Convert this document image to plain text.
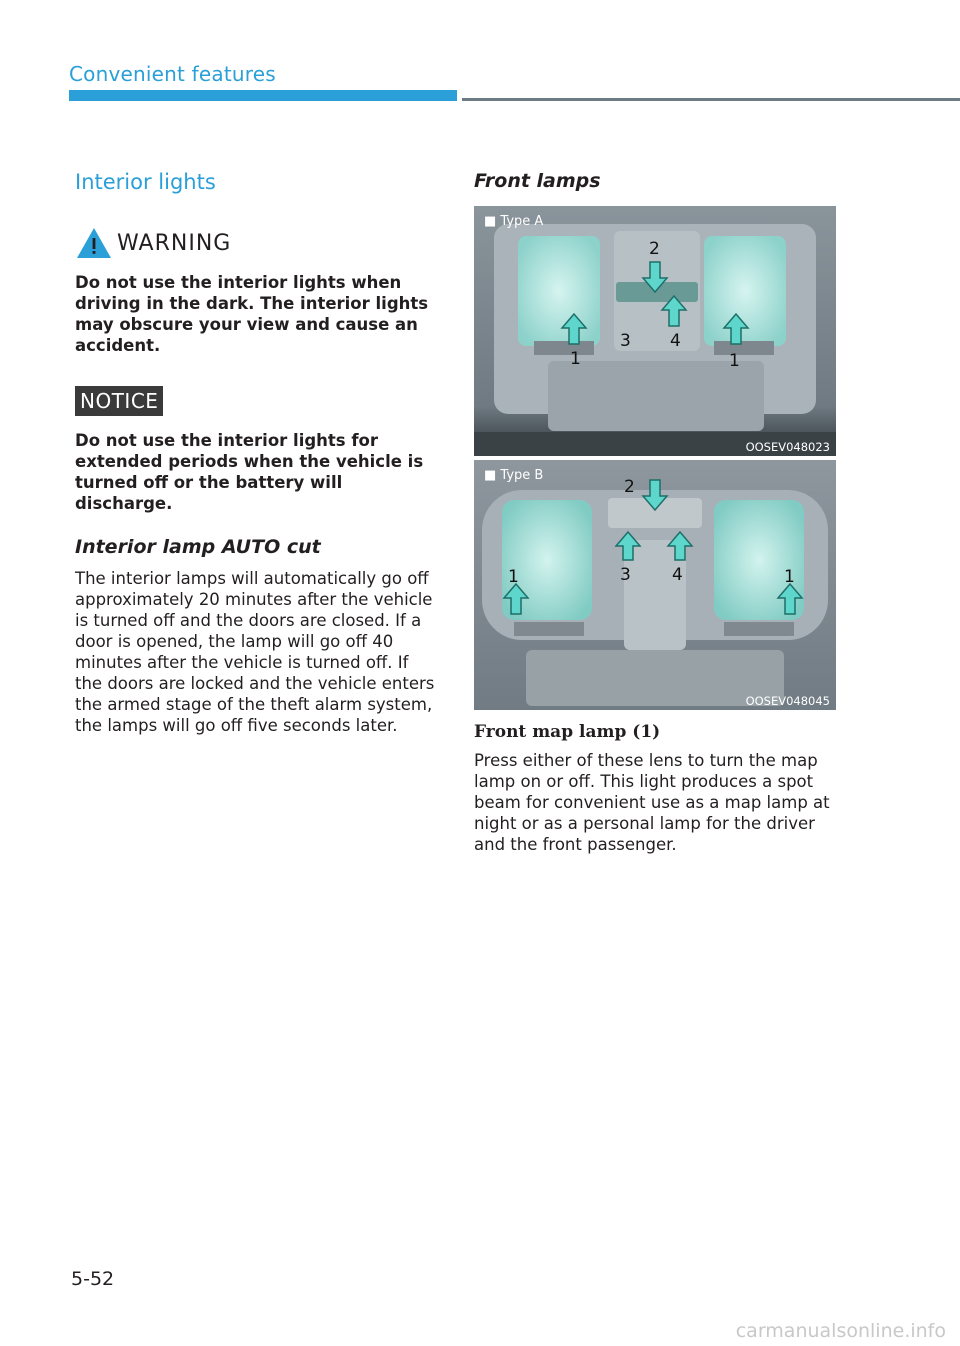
Convenient features
Interior lights
WARNING

Do not use the interior lights when driving in the dark. The interior lights may obscure your view and cause an accident.

NOTICE

Do not use the interior lights for extended periods when the vehicle is turned off or the battery will discharge.

Interior lamp AUTO cut

The interior lamps will automatically go off approximately 20 minutes after the vehicle is turned off and the doors are closed. If a door is opened, the lamp will go off 40 minutes after the vehicle is turned off. If the doors are locked and the vehicle enters the armed stage of the theft alarm system, the lamps will go off five seconds later.

Front lamps
1	1
2
3 4
■ Type A
OOSEV048023
1	1
2
3 4
■ Type B
OOSEV048045
Front map lamp (1)

Press either of these lens to turn the map lamp on or off. This light produces a spot beam for convenient use as a map lamp at night or as a personal lamp for the driver and the front passenger.

5-52
carmanualsonline.info
